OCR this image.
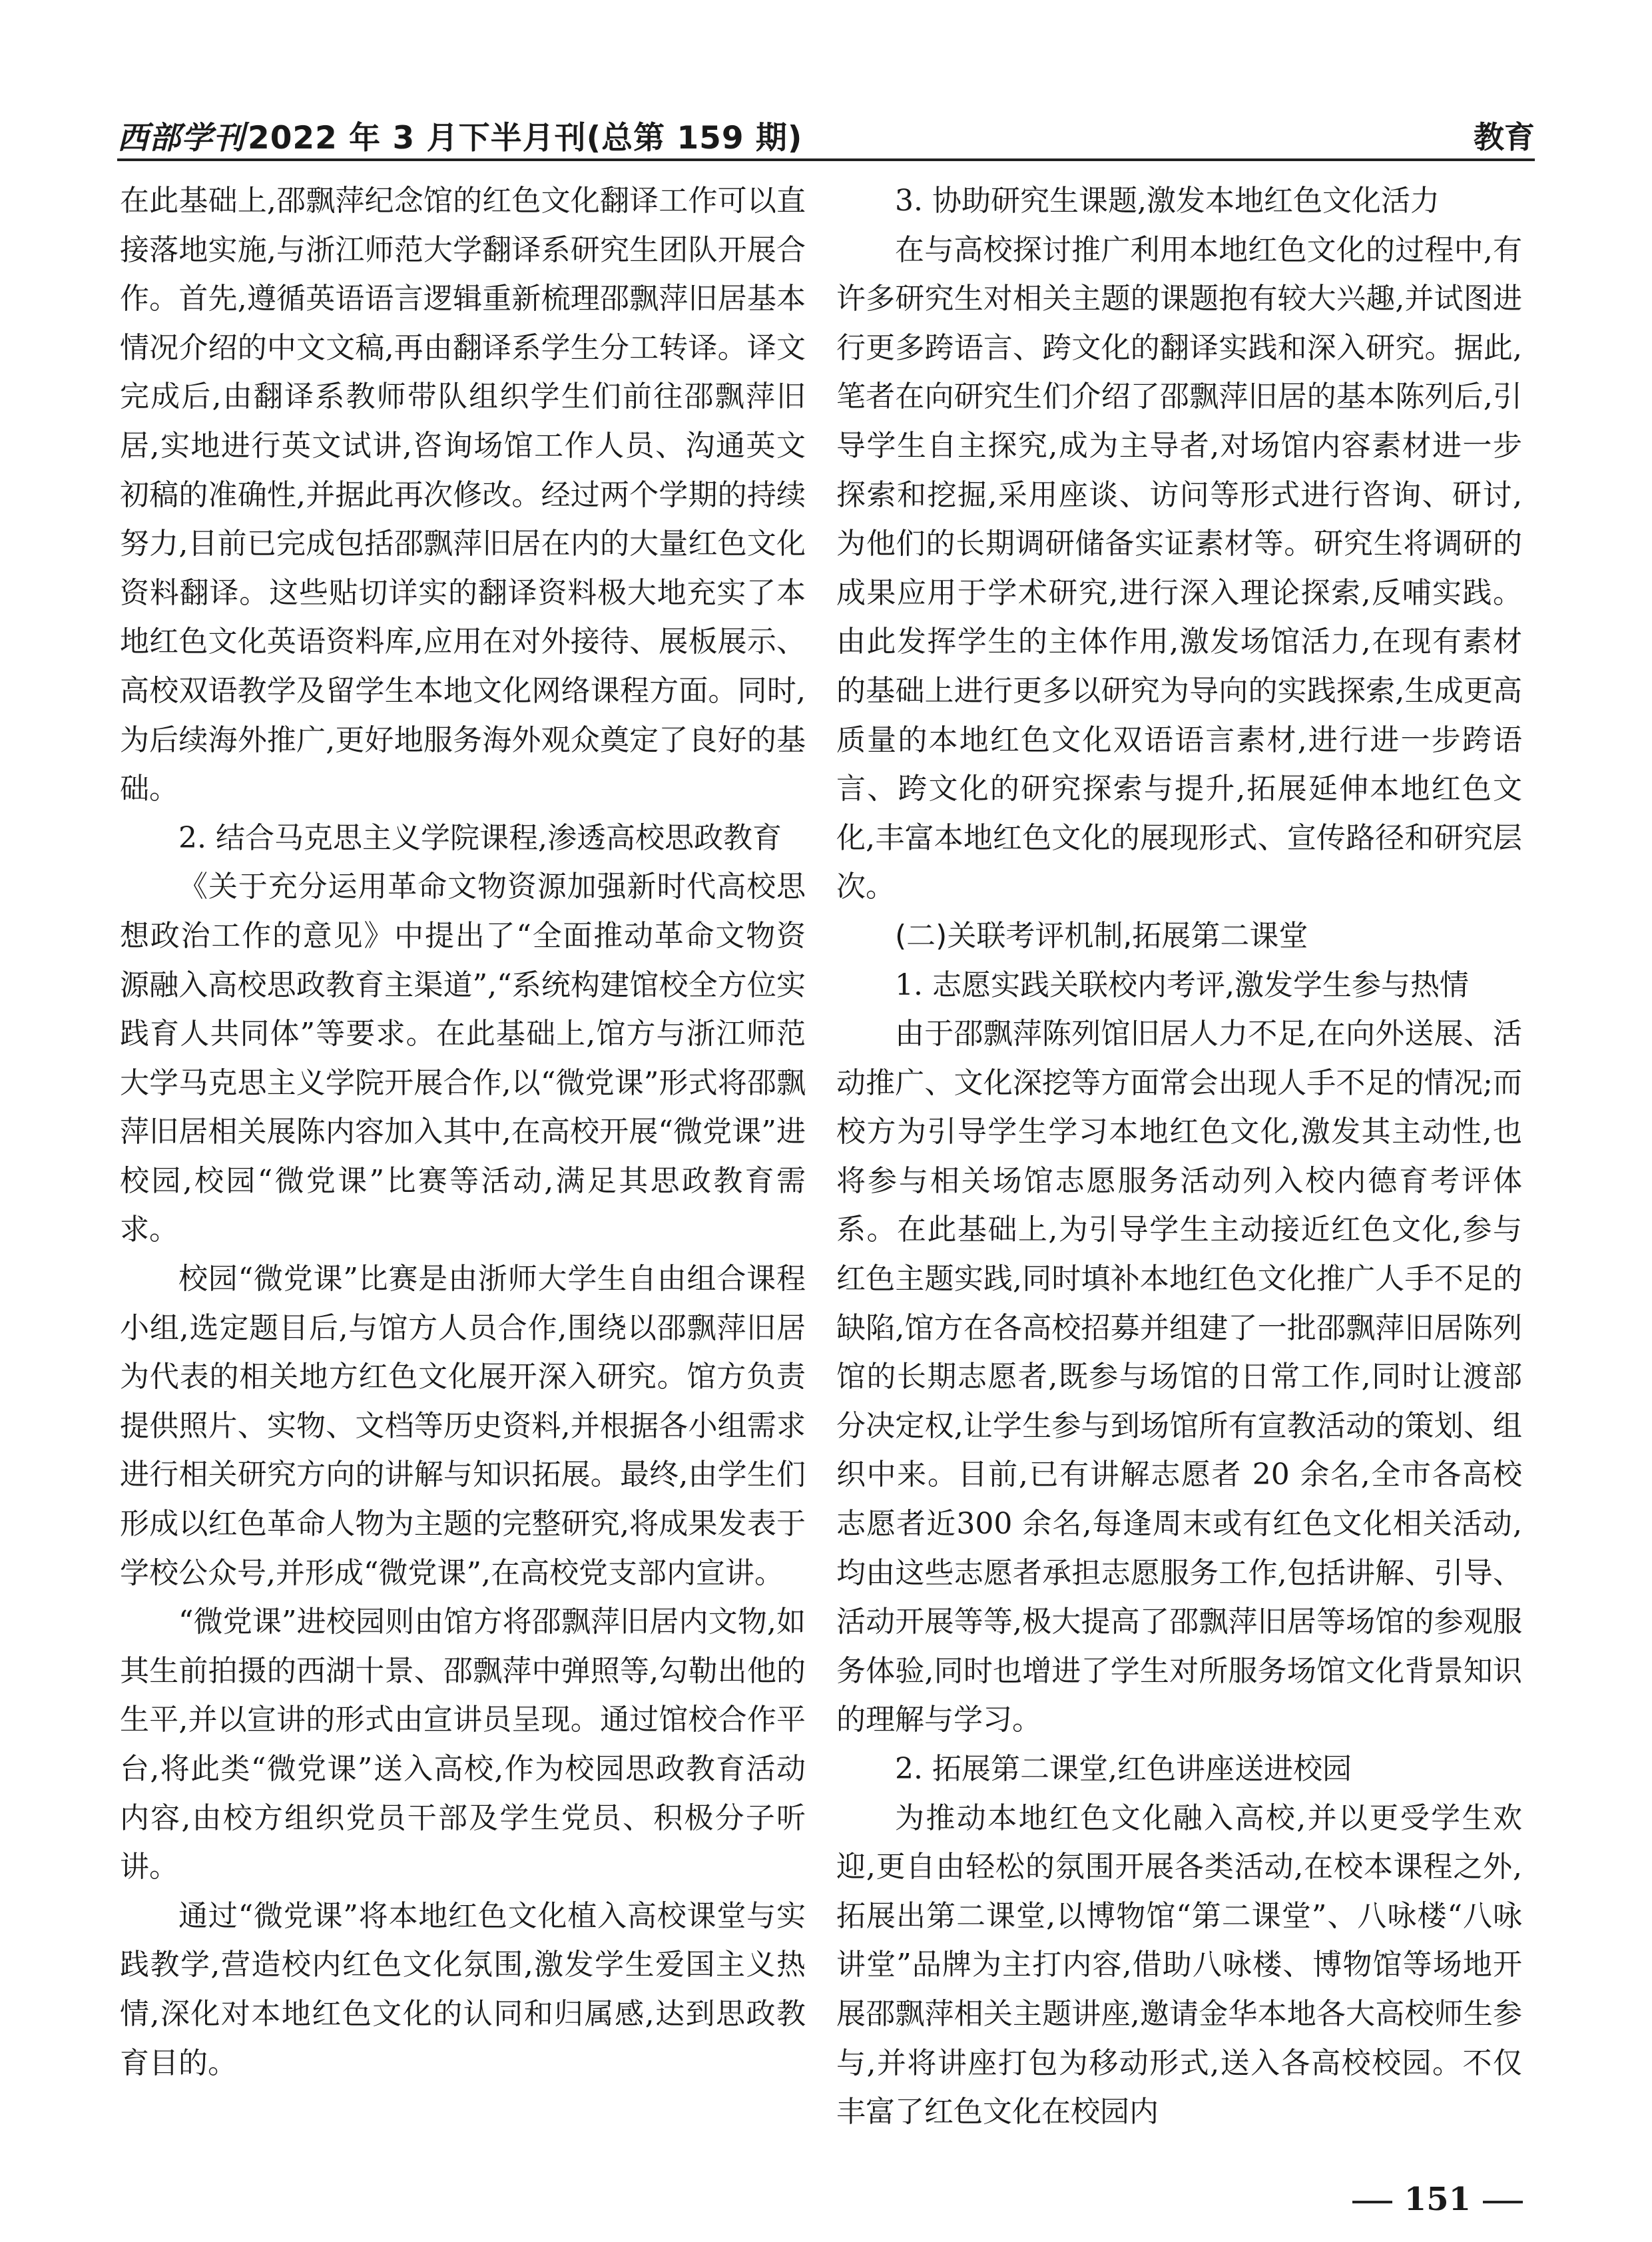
西部学刊2022 年 3 月下半月刊(总第 159 期)	教育

在此基础上,邵飘萍纪念馆的红色文化翻译工作可以直接落地实施,与浙江师范大学翻译系研究生团队开展合作。首先,遵循英语语言逻辑重新梳理邵飘萍旧居基本情况介绍的中文文稿,再由翻译系学生分工转译。译文完成后,由翻译系教师带队组织学生们前往邵飘萍旧居,实地进行英文试讲,咨询场馆工作人员、沟通英文初稿的准确性,并据此再次修改。经过两个学期的持续努力,目前已完成包括邵飘萍旧居在内的大量红色文化资料翻译。这些贴切详实的翻译资料极大地充实了本地红色文化英语资料库,应用在对外接待、展板展示、高校双语教学及留学生本地文化网络课程方面。同时,为后续海外推广,更好地服务海外观众奠定了良好的基础。

2. 结合马克思主义学院课程,渗透高校思政教育

《关于充分运用革命文物资源加强新时代高校思想政治工作的意见》中提出了“全面推动革命文物资源融入高校思政教育主渠道”,“系统构建馆校全方位实践育人共同体”等要求。在此基础上,馆方与浙江师范大学马克思主义学院开展合作,以“微党课”形式将邵飘萍旧居相关展陈内容加入其中,在高校开展“微党课”进校园,校园“微党课”比赛等活动,满足其思政教育需求。

校园“微党课”比赛是由浙师大学生自由组合课程小组,选定题目后,与馆方人员合作,围绕以邵飘萍旧居为代表的相关地方红色文化展开深入研究。馆方负责提供照片、实物、文档等历史资料,并根据各小组需求进行相关研究方向的讲解与知识拓展。最终,由学生们形成以红色革命人物为主题的完整研究,将成果发表于学校公众号,并形成“微党课”,在高校党支部内宣讲。

“微党课”进校园则由馆方将邵飘萍旧居内文物,如其生前拍摄的西湖十景、邵飘萍中弹照等,勾勒出他的生平,并以宣讲的形式由宣讲员呈现。通过馆校合作平台,将此类“微党课”送入高校,作为校园思政教育活动内容,由校方组织党员干部及学生党员、积极分子听讲。

通过“微党课”将本地红色文化植入高校课堂与实践教学,营造校内红色文化氛围,激发学生爱国主义热情,深化对本地红色文化的认同和归属感,达到思政教育目的。

3. 协助研究生课题,激发本地红色文化活力

在与高校探讨推广利用本地红色文化的过程中,有许多研究生对相关主题的课题抱有较大兴趣,并试图进行更多跨语言、跨文化的翻译实践和深入研究。据此,笔者在向研究生们介绍了邵飘萍旧居的基本陈列后,引导学生自主探究,成为主导者,对场馆内容素材进一步探索和挖掘,采用座谈、访问等形式进行咨询、研讨,为他们的长期调研储备实证素材等。研究生将调研的成果应用于学术研究,进行深入理论探索,反哺实践。由此发挥学生的主体作用,激发场馆活力,在现有素材的基础上进行更多以研究为导向的实践探索,生成更高质量的本地红色文化双语语言素材,进行进一步跨语言、跨文化的研究探索与提升,拓展延伸本地红色文化,丰富本地红色文化的展现形式、宣传路径和研究层次。

(二)关联考评机制,拓展第二课堂

1. 志愿实践关联校内考评,激发学生参与热情

由于邵飘萍陈列馆旧居人力不足,在向外送展、活动推广、文化深挖等方面常会出现人手不足的情况;而校方为引导学生学习本地红色文化,激发其主动性,也将参与相关场馆志愿服务活动列入校内德育考评体系。在此基础上,为引导学生主动接近红色文化,参与红色主题实践,同时填补本地红色文化推广人手不足的缺陷,馆方在各高校招募并组建了一批邵飘萍旧居陈列馆的长期志愿者,既参与场馆的日常工作,同时让渡部分决定权,让学生参与到场馆所有宣教活动的策划、组织中来。目前,已有讲解志愿者 20 余名,全市各高校志愿者近300 余名,每逢周末或有红色文化相关活动,均由这些志愿者承担志愿服务工作,包括讲解、引导、活动开展等等,极大提高了邵飘萍旧居等场馆的参观服务体验,同时也增进了学生对所服务场馆文化背景知识的理解与学习。

2. 拓展第二课堂,红色讲座送进校园

为推动本地红色文化融入高校,并以更受学生欢迎,更自由轻松的氛围开展各类活动,在校本课程之外,拓展出第二课堂,以博物馆“第二课堂”、八咏楼“八咏讲堂”品牌为主打内容,借助八咏楼、博物馆等场地开展邵飘萍相关主题讲座,邀请金华本地各大高校师生参与,并将讲座打包为移动形式,送入各高校校园。不仅丰富了红色文化在校园内

151
